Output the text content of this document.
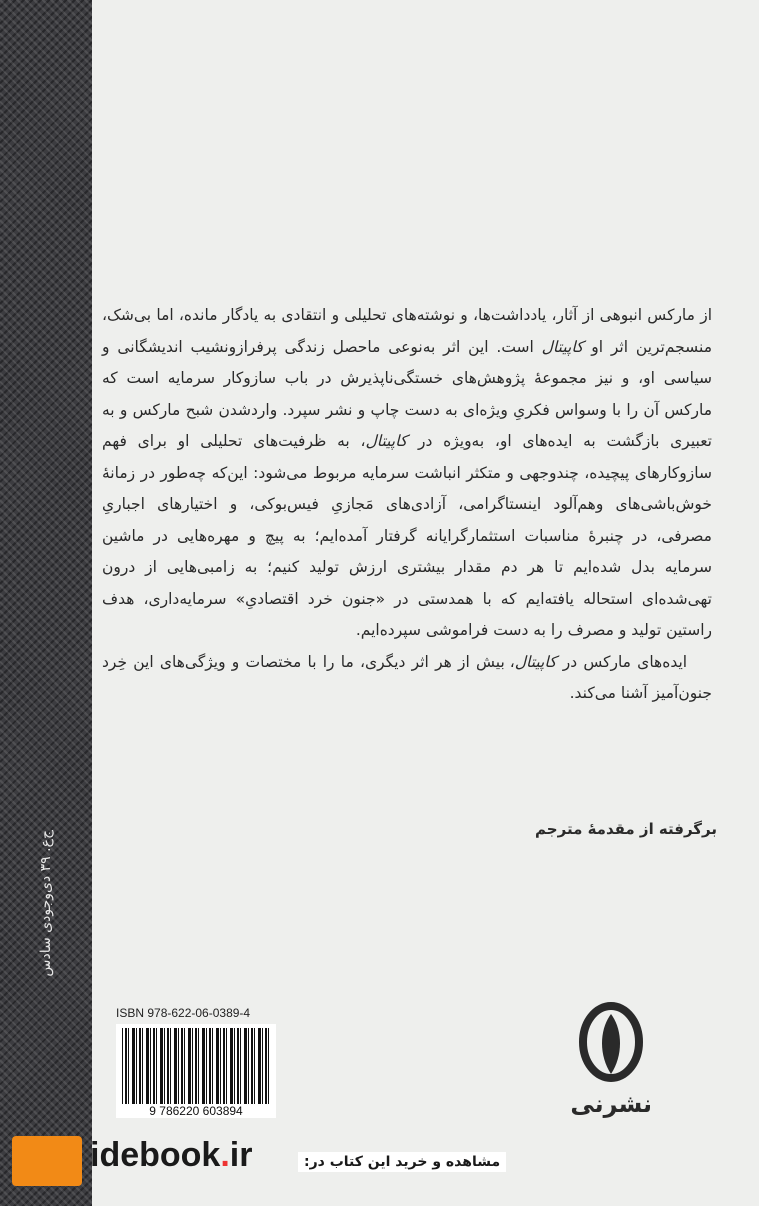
ج‌ع. ۳۹ دی‌وجود‌ی ساد‌س

از مارکس انبوهی از آثار، یادداشت‌ها، و نوشته‌های تحلیلی و انتقادی به یادگار مانده، اما بی‌شک، منسجم‌ترین اثر او کاپیتال است. این اثر به‌نوعی ماحصل زندگی پرفرازونشیب اندیشگانی و سیاسی او، و نیز مجموعهٔ پژوهش‌های خستگی‌ناپذیرش در باب ساز‌وکار سرمایه است که مارکس آن را با وسواس فکریِ ویژه‌ای به دست چاپ و نشر سپرد. واردشدن شبح مارکس و به تعبیری بازگشت به ایده‌های او، به‌ویژه در کاپیتال، به ظرفیت‌های تحلیلی او برای فهم ساز‌وکارهای پیچیده، چندوجهی و متکثر انباشت سرمایه مربوط می‌شود: این‌که چه‌طور در زمانهٔ خوش‌باشی‌های وهم‌آلود اینستاگرامی، آزادی‌های مَجازیِ فیس‌بوکی، و اختیارهای اجباریِ مصرفی، در چنبرهٔ مناسبات استثمارگرایانه گرفتار آمده‌ایم؛ به پیچ و مهره‌هایی در ماشین سرمایه بدل شده‌ایم تا هر دم مقدار بیشتری ارزش تولید کنیم؛ به زامبی‌هایی از درون تهی‌شده‌ای استحاله یافته‌ایم که با همدستی در «جنون خرد اقتصادیِ» سرمایه‌داری، هدف راستین تولید و مصرف را به دست فراموشی سپرده‌ایم.

ایده‌های مارکس در کاپیتال، بیش از هر اثر دیگری، ما را با مختصات و ویژگی‌های این خِرد جنون‌آمیز آشنا می‌کند.

برگرفته از مقدمهٔ مترجم
ISBN 978-622-06-0389-4
9 786220 603894	نشرنی
idebook.ir	مشاهده و خرید این کتاب در:
